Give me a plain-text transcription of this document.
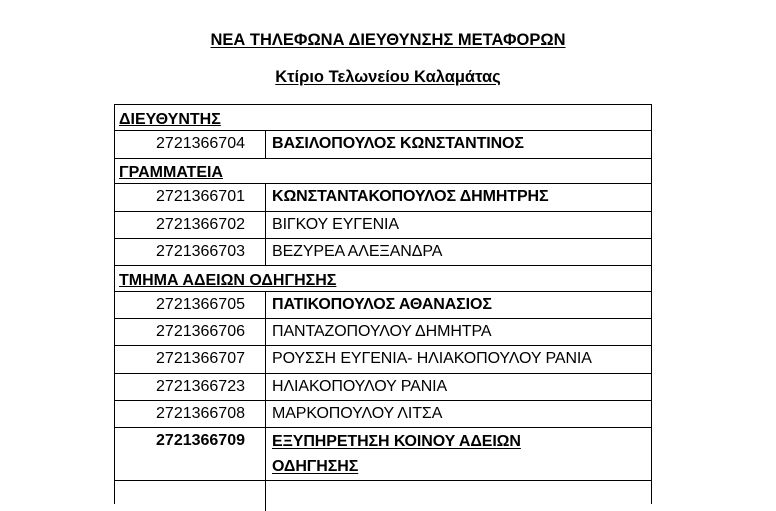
ΝΕΑ ΤΗΛΕΦΩΝΑ ΔΙΕΥΘΥΝΣΗΣ ΜΕΤΑΦΟΡΩΝ
Κτίριο Τελωνείου Καλαμάτας
ΔΙΕΥΘΥΝΤΗΣ
2721366704	ΒΑΣΙΛΟΠΟΥΛΟΣ ΚΩΝΣΤΑΝΤΙΝΟΣ
ΓΡΑΜΜΑΤΕΙΑ
2721366701	ΚΩΝΣΤΑΝΤΑΚΟΠΟΥΛΟΣ ΔΗΜΗΤΡΗΣ
2721366702	ΒΙΓΚΟΥ ΕΥΓΕΝΙΑ
2721366703	ΒΕΖΥΡΕΑ ΑΛΕΞΑΝΔΡΑ
ΤΜΗΜΑ ΑΔΕΙΩΝ ΟΔΗΓΗΣΗΣ
2721366705	ΠΑΤΙΚΟΠΟΥΛΟΣ ΑΘΑΝΑΣΙΟΣ
2721366706	ΠΑΝΤΑΖΟΠΟΥΛΟΥ ΔΗΜΗΤΡΑ
2721366707	ΡΟΥΣΣΗ ΕΥΓΕΝΙΑ- ΗΛΙΑΚΟΠΟΥΛΟΥ ΡΑΝΙΑ
2721366723	ΗΛΙΑΚΟΠΟΥΛΟΥ ΡΑΝΙΑ
2721366708	ΜΑΡΚΟΠΟΥΛΟΥ ΛΙΤΣΑ
2721366709	ΕΞΥΠΗΡΕΤΗΣΗ ΚΟΙΝΟΥ ΑΔΕΙΩΝ ΟΔΗΓΗΣΗΣ
